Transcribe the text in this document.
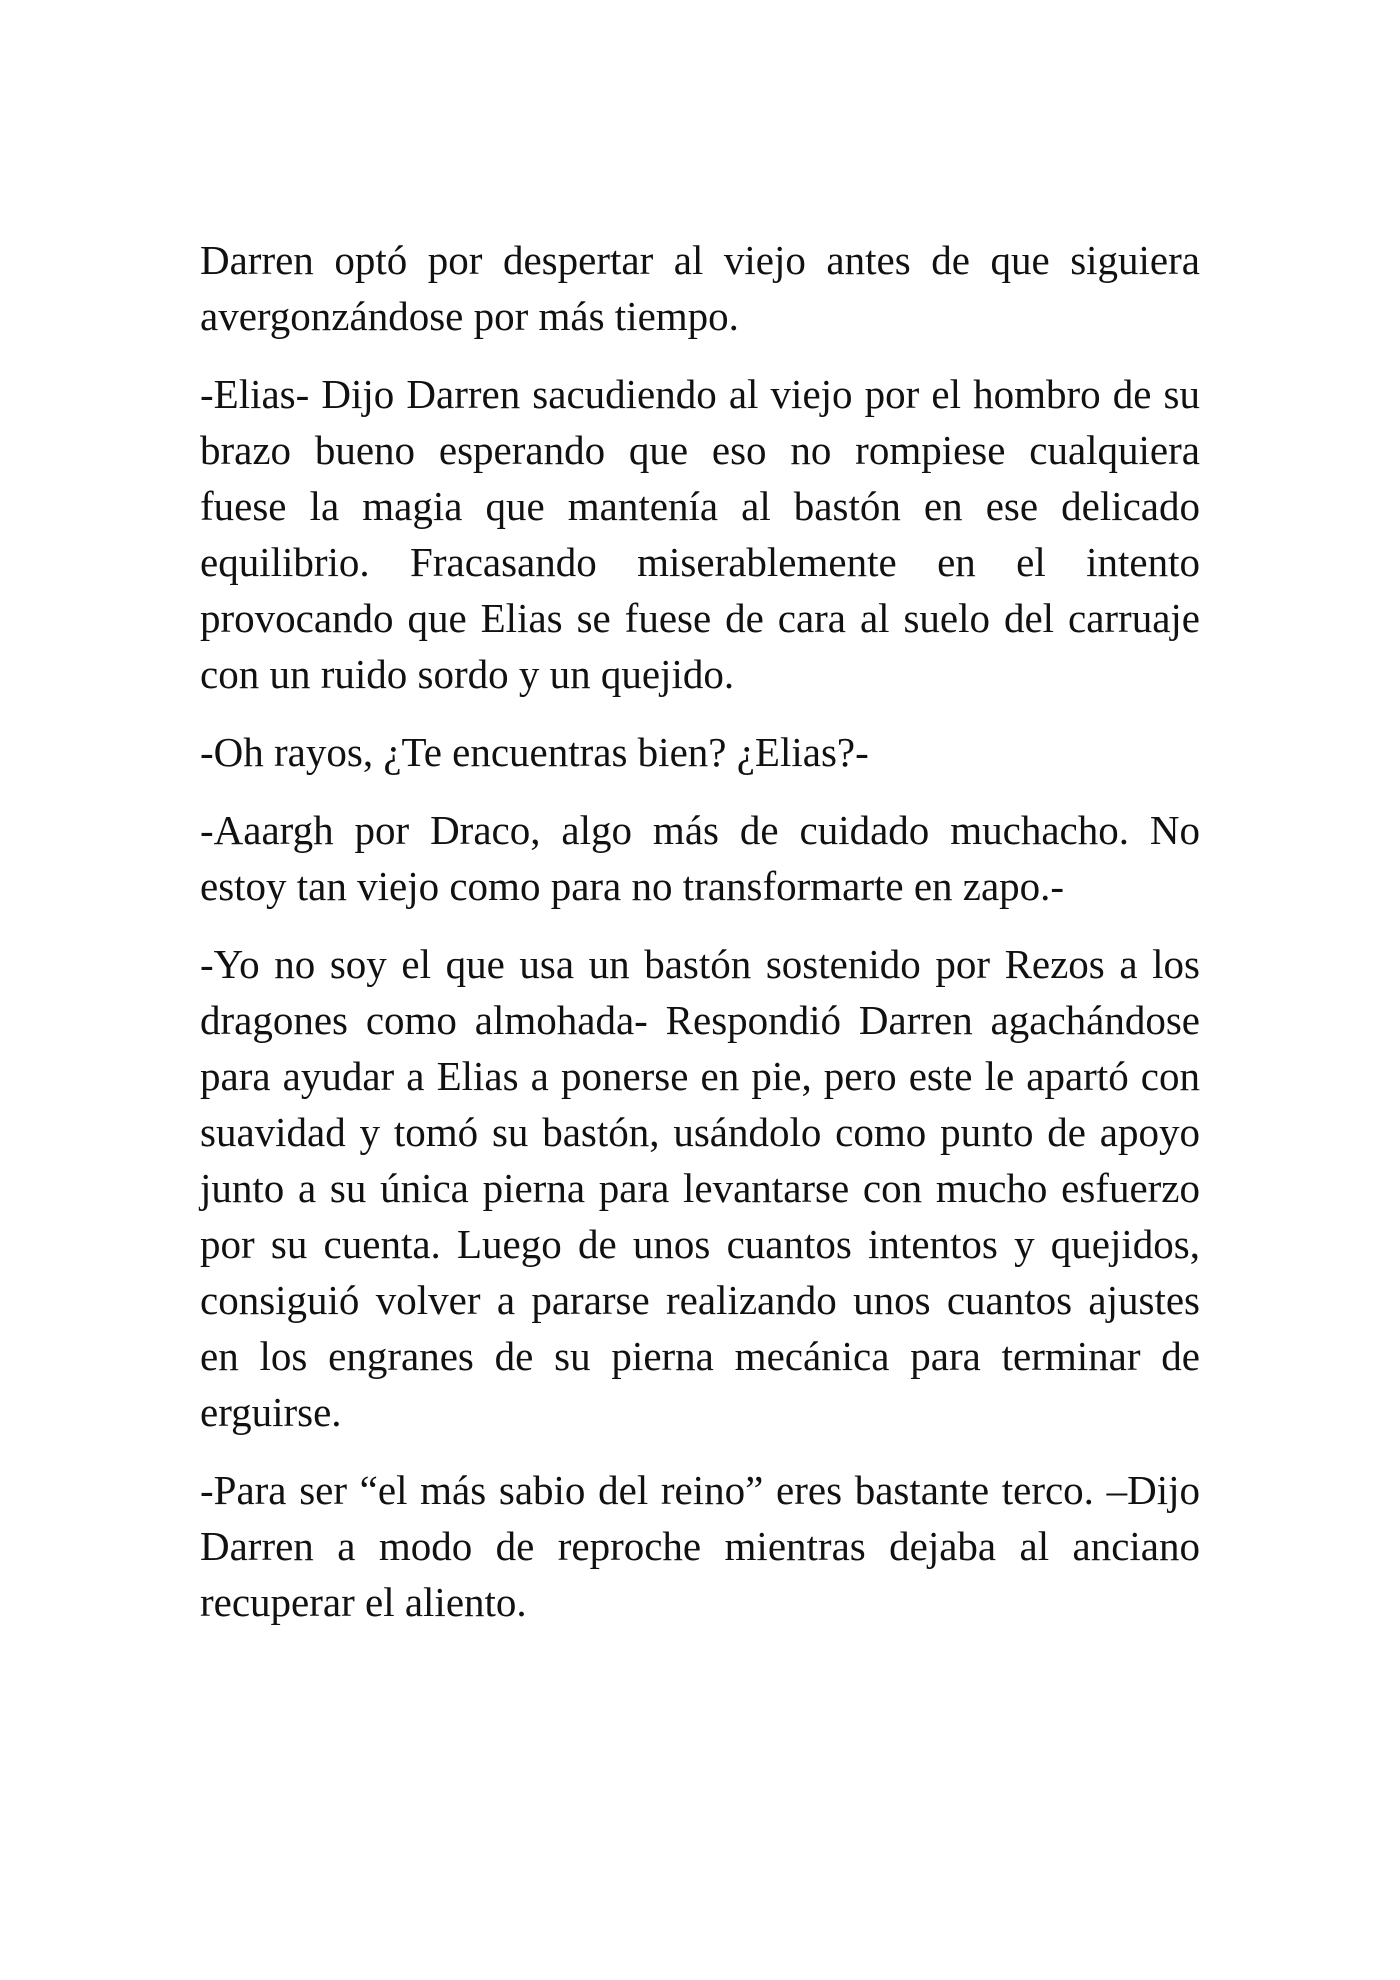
Darren optó por despertar al viejo antes de que siguiera avergonzándose por más tiempo.

-Elias- Dijo Darren sacudiendo al viejo por el hombro de su brazo bueno esperando que eso no rompiese cualquiera fuese la magia que mantenía al bastón en ese delicado equilibrio. Fracasando miserablemente en el intento provocando que Elias se fuese de cara al suelo del carruaje con un ruido sordo y un quejido.

-Oh rayos, ¿Te encuentras bien? ¿Elias?-

-Aaargh por Draco, algo más de cuidado muchacho. No estoy tan viejo como para no transformarte en zapo.-

-Yo no soy el que usa un bastón sostenido por Rezos a los dragones como almohada- Respondió Darren agachándose para ayudar a Elias a ponerse en pie, pero este le apartó con suavidad y tomó su bastón, usándolo como punto de apoyo junto a su única pierna para levantarse con mucho esfuerzo por su cuenta. Luego de unos cuantos intentos y quejidos, consiguió volver a pararse realizando unos cuantos ajustes en los engranes de su pierna mecánica para terminar de erguirse.

-Para ser “el más sabio del reino” eres bastante terco. –Dijo Darren a modo de reproche mientras dejaba al anciano recuperar el aliento.
